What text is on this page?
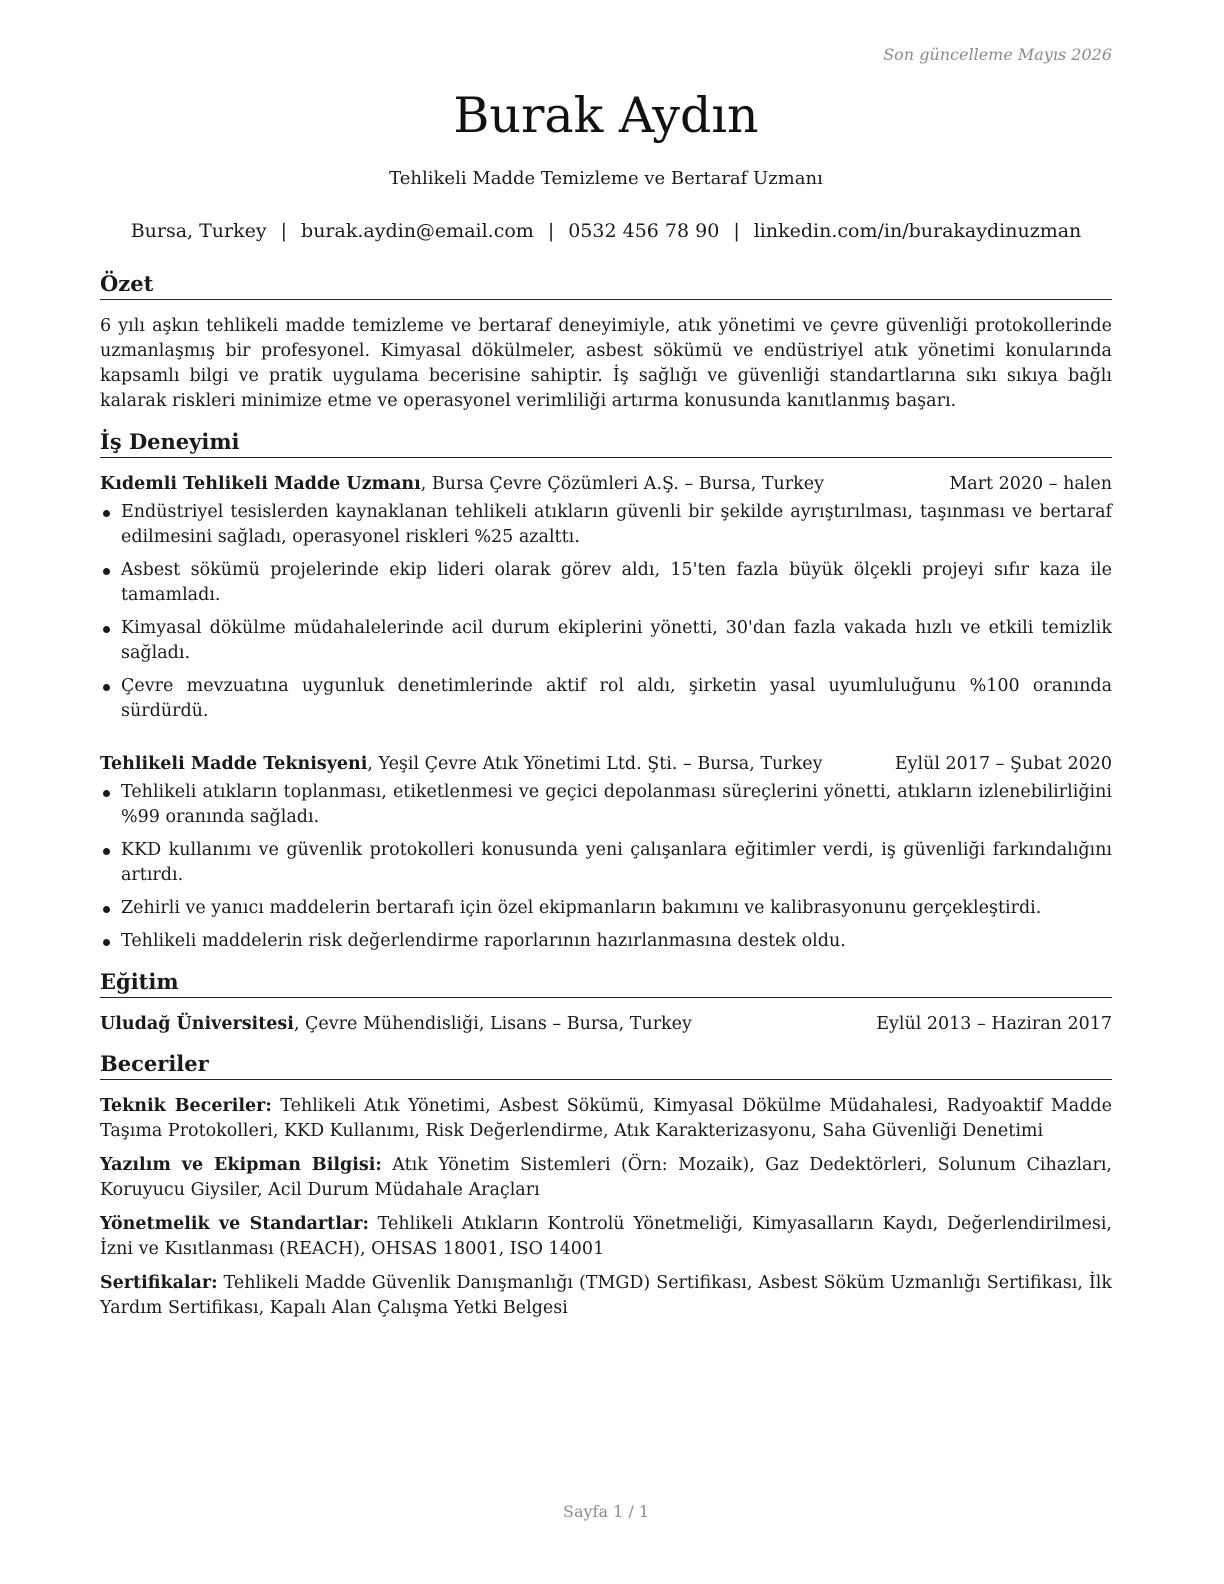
Son güncelleme Mayıs 2026
Burak Aydın
Tehlikeli Madde Temizleme ve Bertaraf Uzmanı
Bursa, Turkey | burak.aydin@email.com | 0532 456 78 90 | linkedin.com/in/burakaydinuzman
Özet

6 yılı aşkın tehlikeli madde temizleme ve bertaraf deneyimiyle, atık yönetimi ve çevre güvenliği protokollerinde uzmanlaşmış bir profesyonel. Kimyasal dökülmeler, asbest sökümü ve endüstriyel atık yönetimi konularında kapsamlı bilgi ve pratik uygulama becerisine sahiptir. İş sağlığı ve güvenliği standartlarına sıkı sıkıya bağlı kalarak riskleri minimize etme ve operasyonel verimliliği artırma konusunda kanıtlanmış başarı.

İş Deneyimi
Kıdemli Tehlikeli Madde Uzmanı, Bursa Çevre Çözümleri A.Ş. – Bursa, Turkey	Mart 2020 – halen
Endüstriyel tesislerden kaynaklanan tehlikeli atıkların güvenli bir şekilde ayrıştırılması, taşınması ve bertaraf edilmesini sağladı, operasyonel riskleri %25 azalttı.
Asbest sökümü projelerinde ekip lideri olarak görev aldı, 15'ten fazla büyük ölçekli projeyi sıfır kaza ile tamamladı.
Kimyasal dökülme müdahalelerinde acil durum ekiplerini yönetti, 30'dan fazla vakada hızlı ve etkili temizlik sağladı.
Çevre mevzuatına uygunluk denetimlerinde aktif rol aldı, şirketin yasal uyumluluğunu %100 oranında sürdürdü.
Tehlikeli Madde Teknisyeni, Yeşil Çevre Atık Yönetimi Ltd. Şti. – Bursa, Turkey	Eylül 2017 – Şubat 2020
Tehlikeli atıkların toplanması, etiketlenmesi ve geçici depolanması süreçlerini yönetti, atıkların izlenebilirliğini %99 oranında sağladı.
KKD kullanımı ve güvenlik protokolleri konusunda yeni çalışanlara eğitimler verdi, iş güvenliği farkındalığını artırdı.
Zehirli ve yanıcı maddelerin bertarafı için özel ekipmanların bakımını ve kalibrasyonunu gerçekleştirdi.
Tehlikeli maddelerin risk değerlendirme raporlarının hazırlanmasına destek oldu.
Eğitim
Uludağ Üniversitesi, Çevre Mühendisliği, Lisans – Bursa, Turkey	Eylül 2013 – Haziran 2017
Beceriler
Teknik Beceriler: Tehlikeli Atık Yönetimi, Asbest Sökümü, Kimyasal Dökülme Müdahalesi, Radyoaktif Madde Taşıma Protokolleri, KKD Kullanımı, Risk Değerlendirme, Atık Karakterizasyonu, Saha Güvenliği Denetimi
Yazılım ve Ekipman Bilgisi: Atık Yönetim Sistemleri (Örn: Mozaik), Gaz Dedektörleri, Solunum Cihazları, Koruyucu Giysiler, Acil Durum Müdahale Araçları
Yönetmelik ve Standartlar: Tehlikeli Atıkların Kontrolü Yönetmeliği, Kimyasalların Kaydı, Değerlendirilmesi, İzni ve Kısıtlanması (REACH), OHSAS 18001, ISO 14001
Sertifikalar: Tehlikeli Madde Güvenlik Danışmanlığı (TMGD) Sertifikası, Asbest Söküm Uzmanlığı Sertifikası, İlk Yardım Sertifikası, Kapalı Alan Çalışma Yetki Belgesi
Sayfa 1 / 1
